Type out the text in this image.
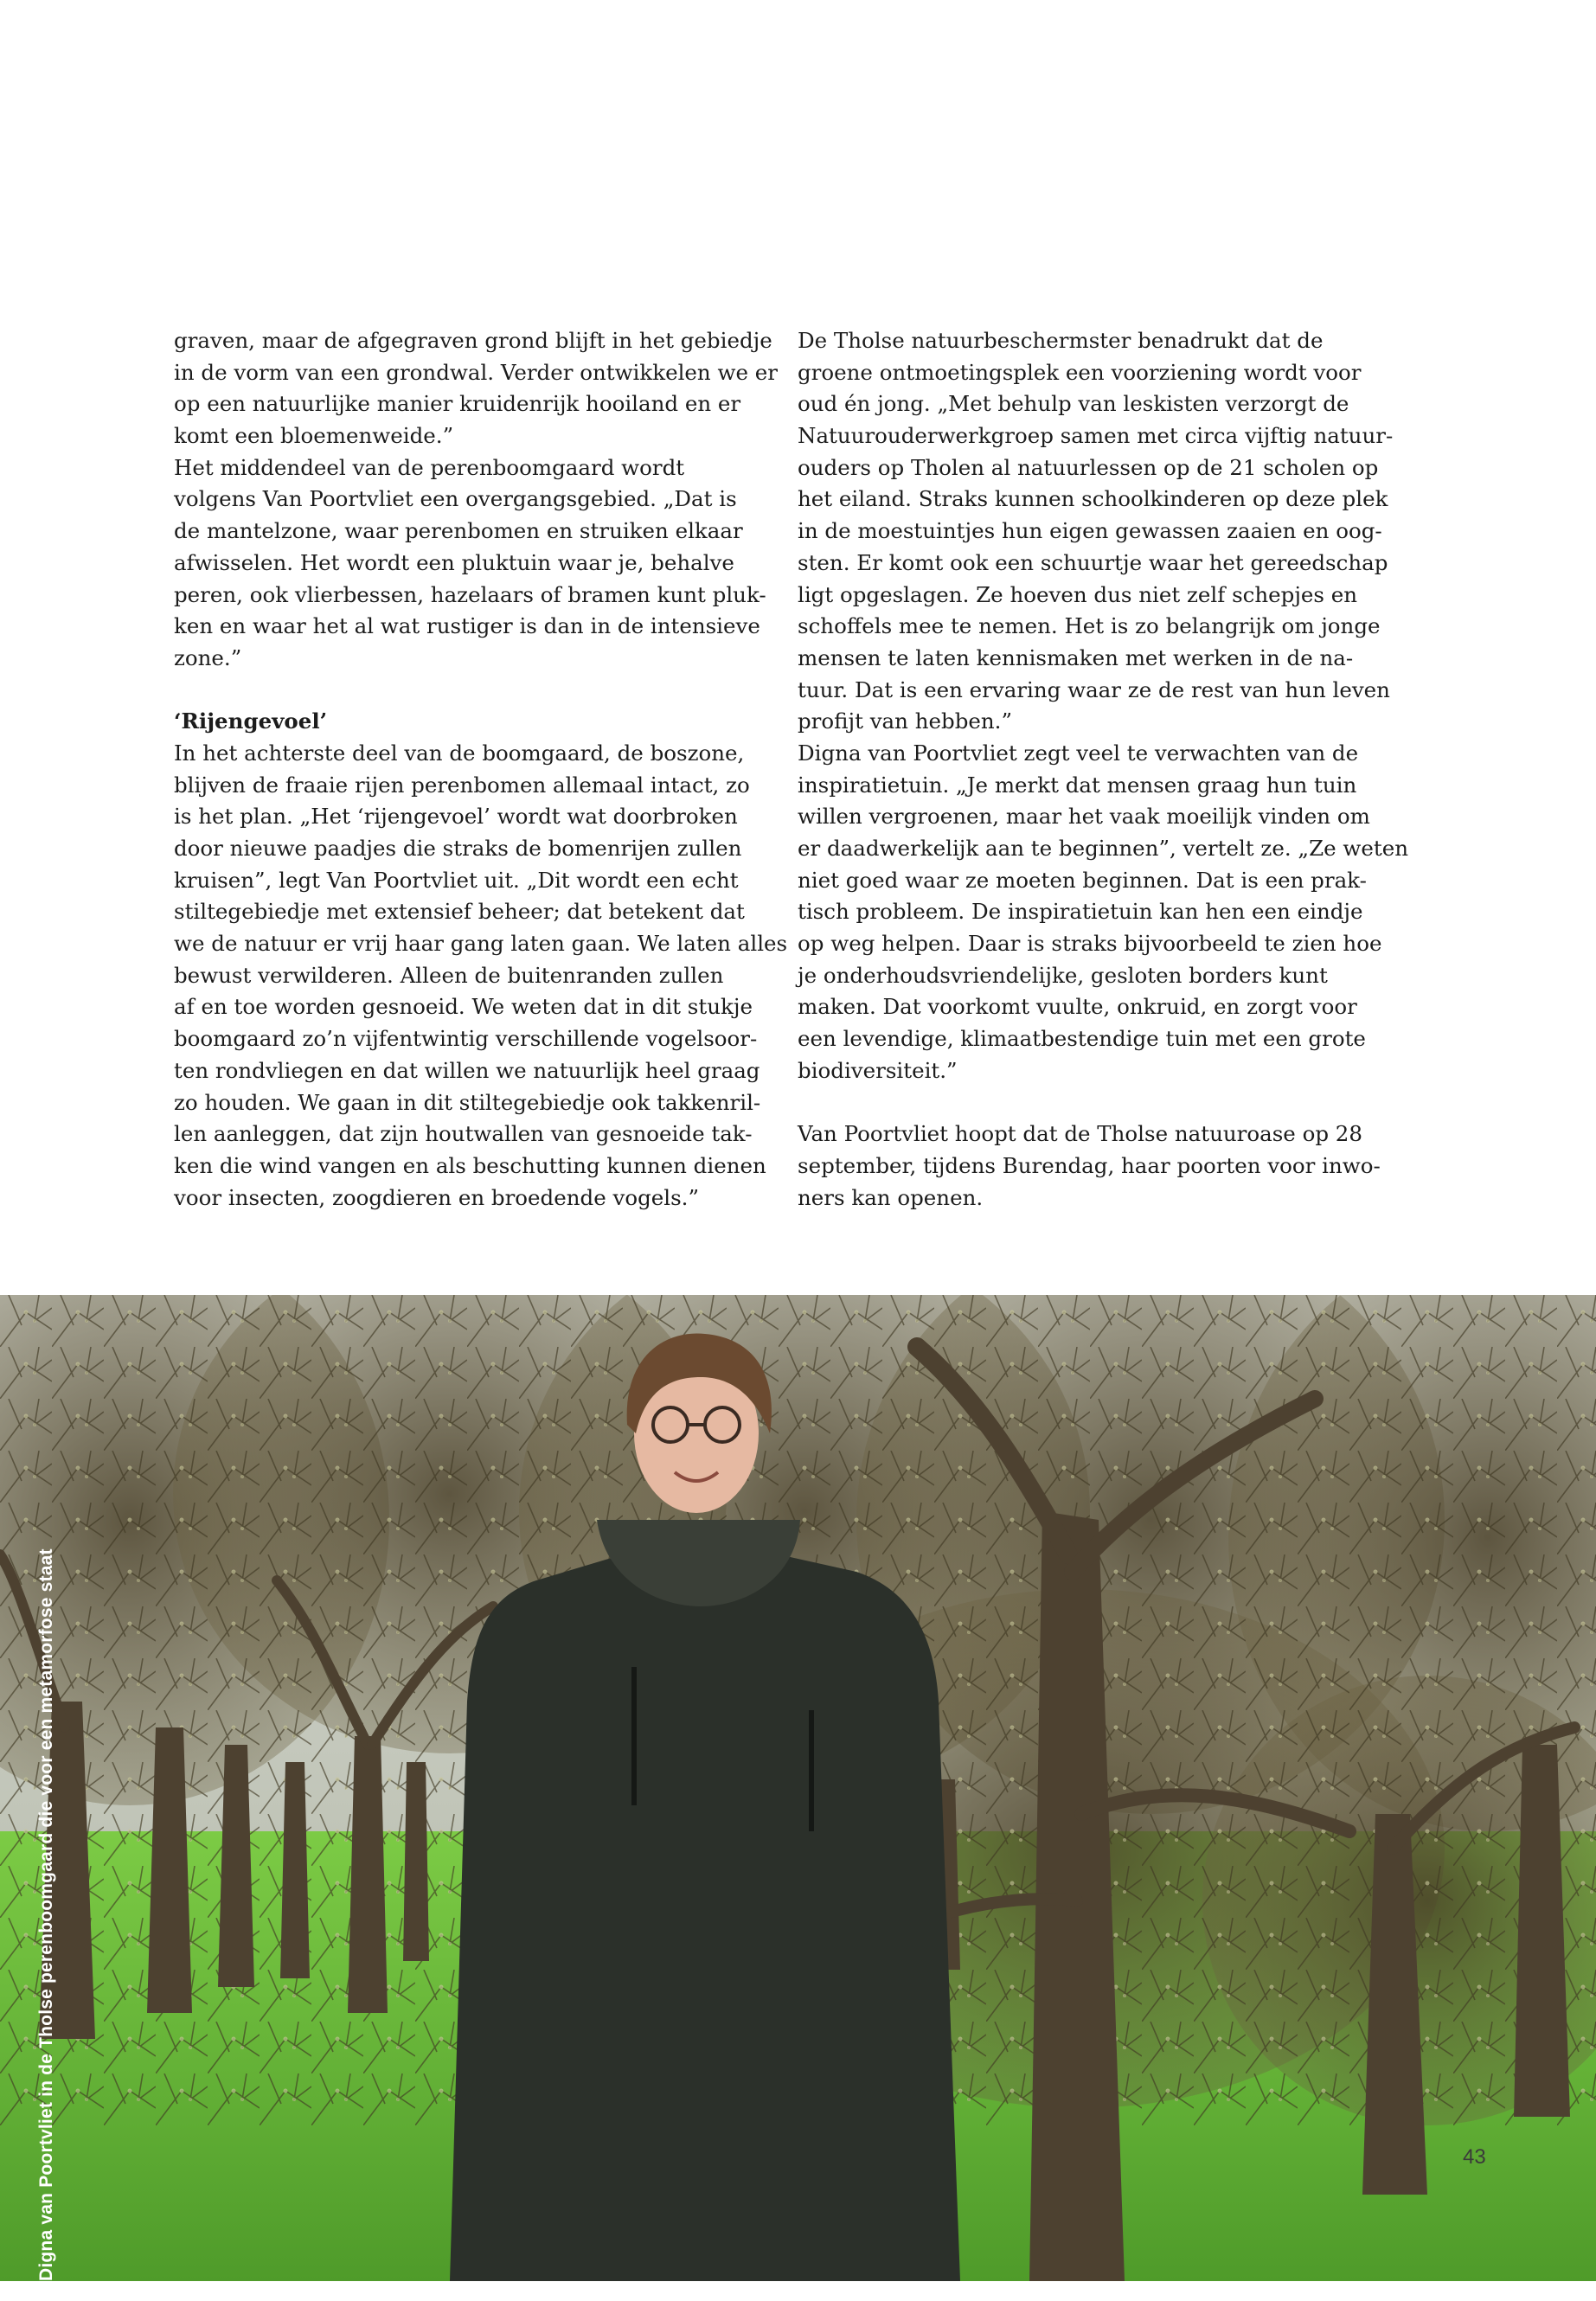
graven, maar de afgegraven grond blijft in het gebiedje
in de vorm van een grondwal. Verder ontwikkelen we er
op een natuurlijke manier kruidenrijk hooiland en er
komt een bloemenweide.”
Het middendeel van de perenboomgaard wordt
volgens Van Poortvliet een overgangsgebied. „Dat is
de mantelzone, waar perenbomen en struiken elkaar
afwisselen. Het wordt een pluktuin waar je, behalve
peren, ook vlierbessen, hazelaars of bramen kunt pluk-
ken en waar het al wat rustiger is dan in de intensieve
zone.”
‘Rijengevoel’
In het achterste deel van de boomgaard, de boszone,
blijven de fraaie rijen perenbomen allemaal intact, zo
is het plan. „Het ‘rijengevoel’ wordt wat doorbroken
door nieuwe paadjes die straks de bomenrijen zullen
kruisen”, legt Van Poortvliet uit. „Dit wordt een echt
stiltegebiedje met extensief beheer; dat betekent dat
we de natuur er vrij haar gang laten gaan. We laten alles
bewust verwilderen. Alleen de buitenranden zullen
af en toe worden gesnoeid. We weten dat in dit stukje
boomgaard zo’n vijfentwintig verschillende vogelsoor-
ten rondvliegen en dat willen we natuurlijk heel graag
zo houden. We gaan in dit stiltegebiedje ook takkenril-
len aanleggen, dat zijn houtwallen van gesnoeide tak-
ken die wind vangen en als beschutting kunnen dienen
voor insecten, zoogdieren en broedende vogels.”
De Tholse natuurbeschermster benadrukt dat de
groene ontmoetingsplek een voorziening wordt voor
oud én jong. „Met behulp van leskisten verzorgt de
Natuurouderwerkgroep samen met circa vijftig natuur-
ouders op Tholen al natuurlessen op de 21 scholen op
het eiland. Straks kunnen schoolkinderen op deze plek
in de moestuintjes hun eigen gewassen zaaien en oog-
sten. Er komt ook een schuurtje waar het gereedschap
ligt opgeslagen. Ze hoeven dus niet zelf schepjes en
schoffels mee te nemen. Het is zo belangrijk om jonge
mensen te laten kennismaken met werken in de na-
tuur. Dat is een ervaring waar ze de rest van hun leven
profijt van hebben.”
Digna van Poortvliet zegt veel te verwachten van de
inspiratietuin. „Je merkt dat mensen graag hun tuin
willen vergroenen, maar het vaak moeilijk vinden om
er daadwerkelijk aan te beginnen”, vertelt ze. „Ze weten
niet goed waar ze moeten beginnen. Dat is een prak-
tisch probleem. De inspiratietuin kan hen een eindje
op weg helpen. Daar is straks bijvoorbeeld te zien hoe
je onderhoudsvriendelijke, gesloten borders kunt
maken. Dat voorkomt vuulte, onkruid, en zorgt voor
een levendige, klimaatbestendige tuin met een grote
biodiversiteit.”
Van Poortvliet hoopt dat de Tholse natuuroase op 28
september, tijdens Burendag, haar poorten voor inwo-
ners kan openen.
Digna van Poortvliet in de Tholse perenboomgaard die voor een metamorfose staat	43
